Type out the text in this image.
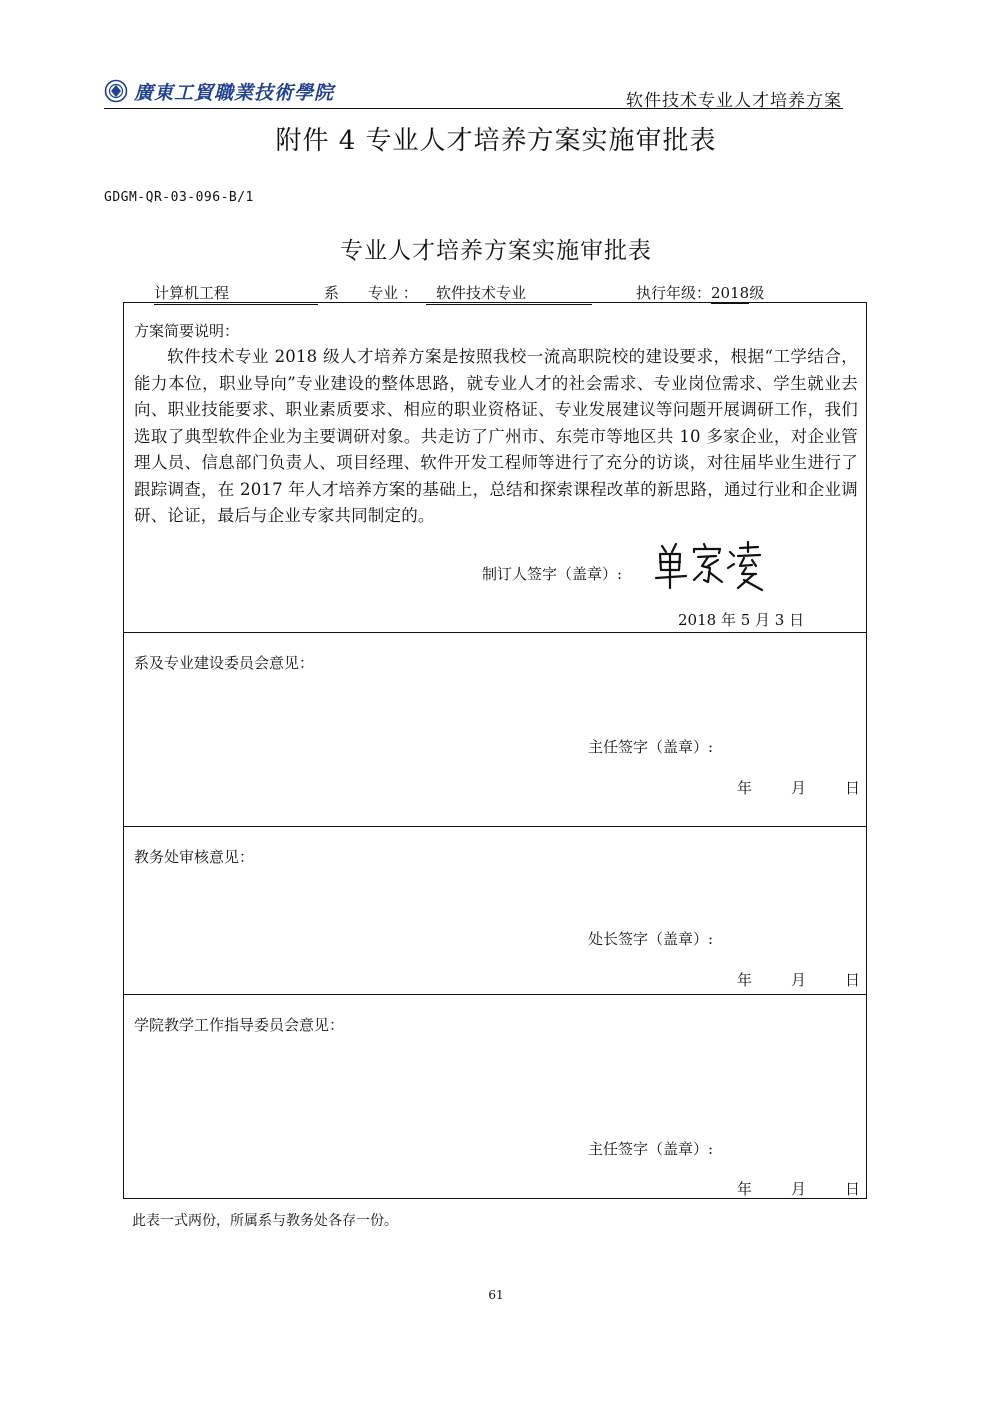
廣東工貿職業技術學院	软件技术专业人才培养方案
附件 4 专业人才培养方案实施审批表
GDGM-QR-03-096-B/1
专业人才培养方案实施审批表
计算机工程	系 专业 ：	软件技术专业	执行年级：2018级
方案简要说明：
软件技术专业 2018 级人才培养方案是按照我校一流高职院校的建设要求，根据“工学结合，能力本位，职业导向”专业建设的整体思路，就专业人才的社会需求、专业岗位需求、学生就业去向、职业技能要求、职业素质要求、相应的职业资格证、专业发展建议等问题开展调研工作，我们选取了典型软件企业为主要调研对象。共走访了广州市、东莞市等地区共 10 多家企业，对企业管理人员、信息部门负责人、项目经理、软件开发工程师等进行了充分的访谈，对往届毕业生进行了跟踪调查，在 2017 年人才培养方案的基础上，总结和探索课程改革的新思路，通过行业和企业调研、论证，最后与企业专家共同制定的。
制订人签字（盖章）:
2018 年 5 月 3 日
系及专业建设委员会意见：
主任签字（盖章）:
年	月	日
教务处审核意见：
处长签字（盖章）:
年	月	日
学院教学工作指导委员会意见：
主任签字（盖章）:
年	月	日
此表一式两份，所属系与教务处各存一份。
61
